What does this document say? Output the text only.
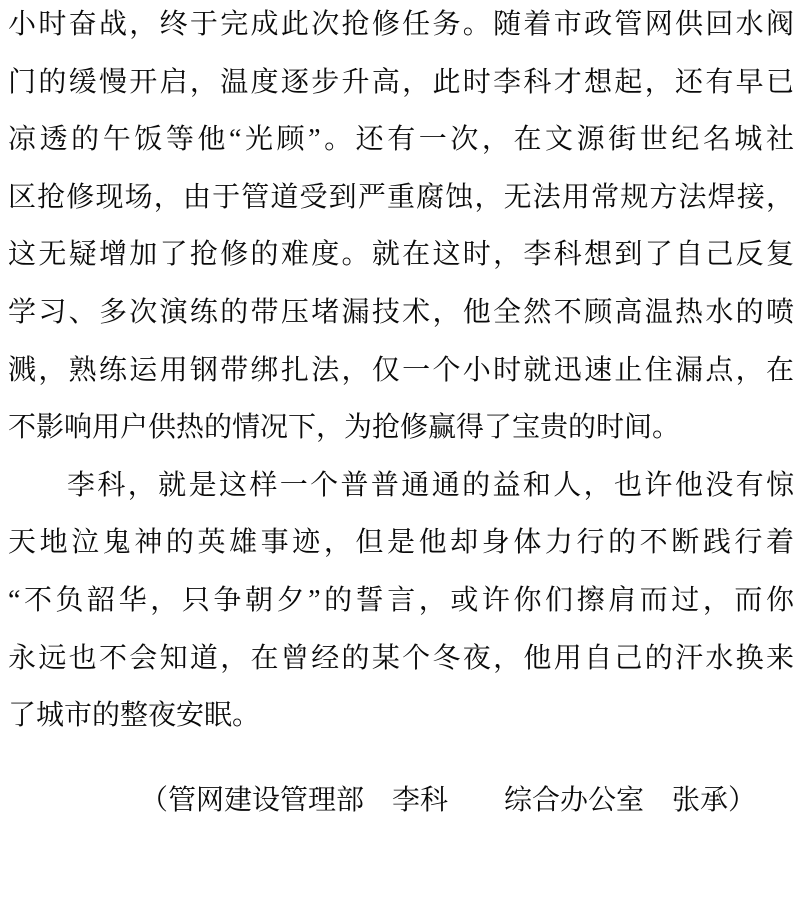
小时奋战，终于完成此次抢修任务。随着市政管网供回水阀
门的缓慢开启，温度逐步升高，此时李科才想起，还有早已
凉透的午饭等他“光顾”。还有一次，在文源街世纪名城社
区抢修现场，由于管道受到严重腐蚀，无法用常规方法焊接，
这无疑增加了抢修的难度。就在这时，李科想到了自己反复
学习、多次演练的带压堵漏技术，他全然不顾高温热水的喷
溅，熟练运用钢带绑扎法，仅一个小时就迅速止住漏点，在
不影响用户供热的情况下，为抢修赢得了宝贵的时间。
李科，就是这样一个普普通通的益和人，也许他没有惊
天地泣鬼神的英雄事迹，但是他却身体力行的不断践行着
“不负韶华，只争朝夕”的誓言，或许你们擦肩而过，而你
永远也不会知道，在曾经的某个冬夜，他用自己的汗水换来
了城市的整夜安眠。
（管网建设管理部　李科　　综合办公室　张承）
